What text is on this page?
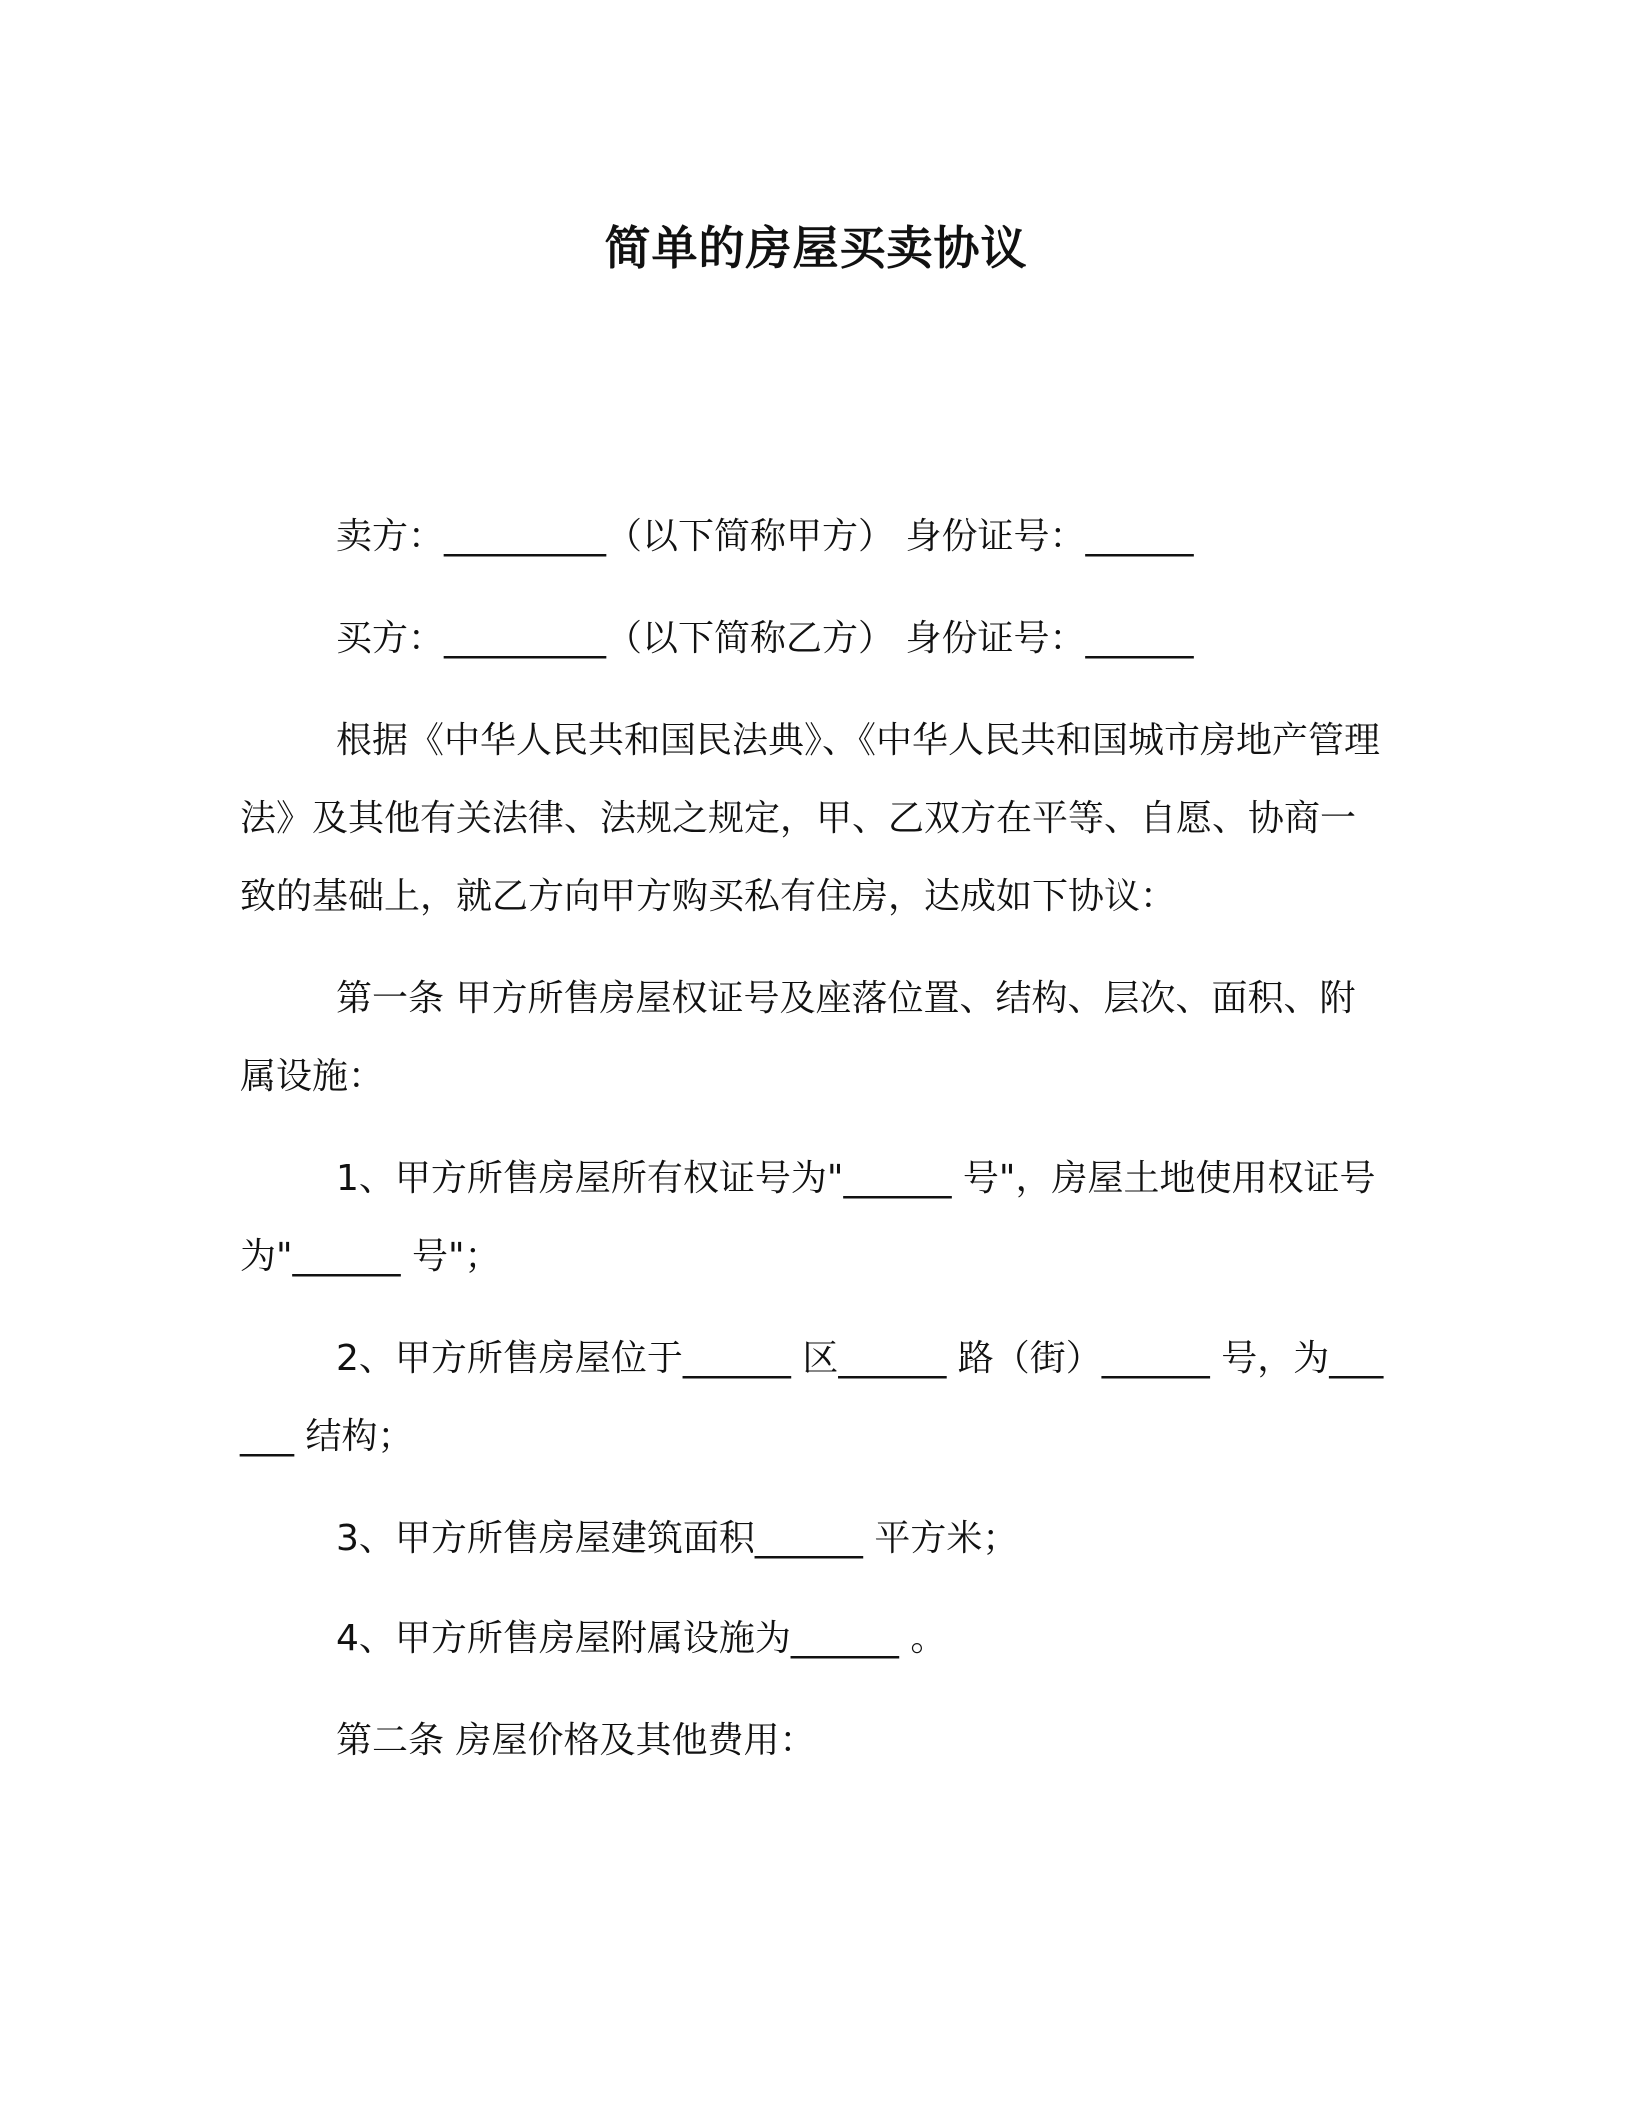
简单的房屋买卖协议

卖方：_________（以下简称甲方） 身份证号：______

买方：_________（以下简称乙方） 身份证号：______

根据《中华人民共和国民法典》、《中华人民共和国城市房地产管理法》及其他有关法律、法规之规定，甲、乙双方在平等、自愿、协商一致的基础上，就乙方向甲方购买私有住房，达成如下协议：

第一条 甲方所售房屋权证号及座落位置、结构、层次、面积、附属设施：

1、甲方所售房屋所有权证号为"______ 号"，房屋土地使用权证号为"______ 号"；

2、甲方所售房屋位于______ 区______ 路（街）______ 号，为______ 结构；

3、甲方所售房屋建筑面积______ 平方米；

4、甲方所售房屋附属设施为______ 。

第二条 房屋价格及其他费用：
